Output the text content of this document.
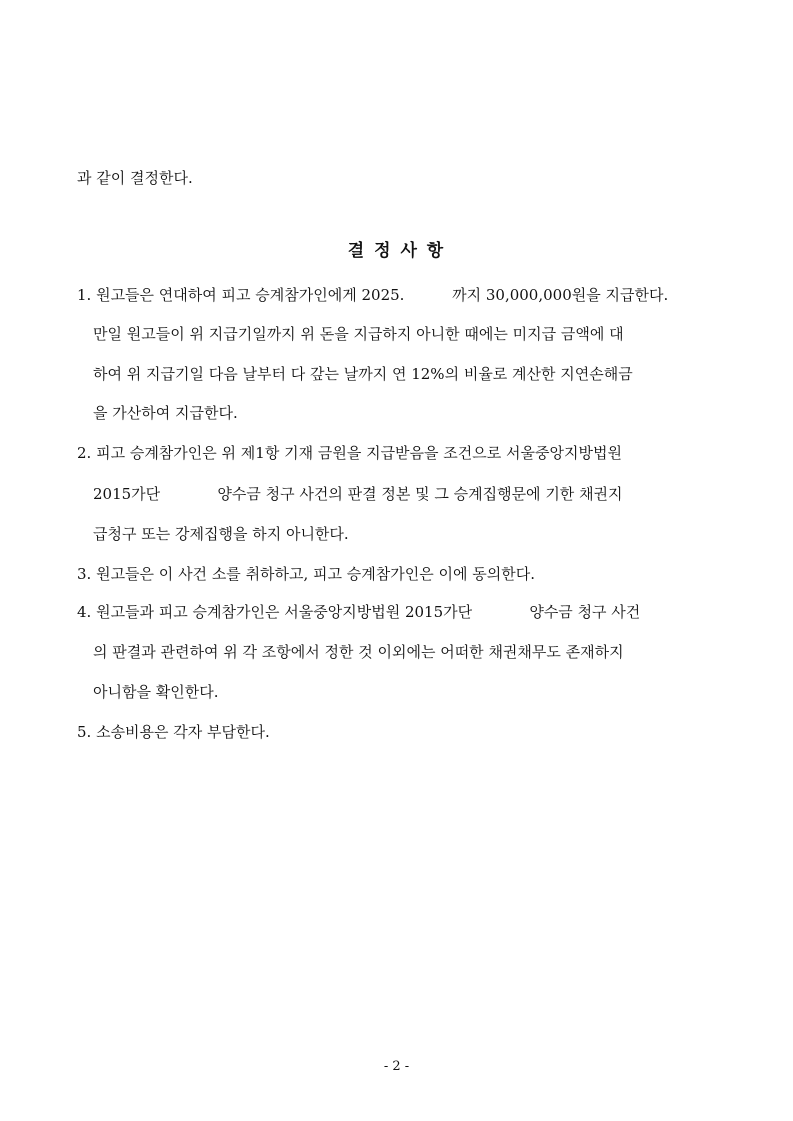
과 같이 결정한다.
결 정 사 항
1. 원고들은 연대하여 피고 승계참가인에게 2025.          까지 30,000,000원을 지급한다.
만일 원고들이 위 지급기일까지 위 돈을 지급하지 아니한 때에는 미지급 금액에 대
하여 위 지급기일 다음 날부터 다 갚는 날까지 연 12%의 비율로 계산한 지연손해금
을 가산하여 지급한다.
2. 피고 승계참가인은 위 제1항 기재 금원을 지급받음을 조건으로 서울중앙지방법원
2015가단            양수금 청구 사건의 판결 정본 및 그 승계집행문에 기한 채권지
급청구 또는 강제집행을 하지 아니한다.
3. 원고들은 이 사건 소를 취하하고, 피고 승계참가인은 이에 동의한다.
4. 원고들과 피고 승계참가인은 서울중앙지방법원 2015가단            양수금 청구 사건
의 판결과 관련하여 위 각 조항에서 정한 것 이외에는 어떠한 채권채무도 존재하지
아니함을 확인한다.
5. 소송비용은 각자 부담한다.
- 2 -
